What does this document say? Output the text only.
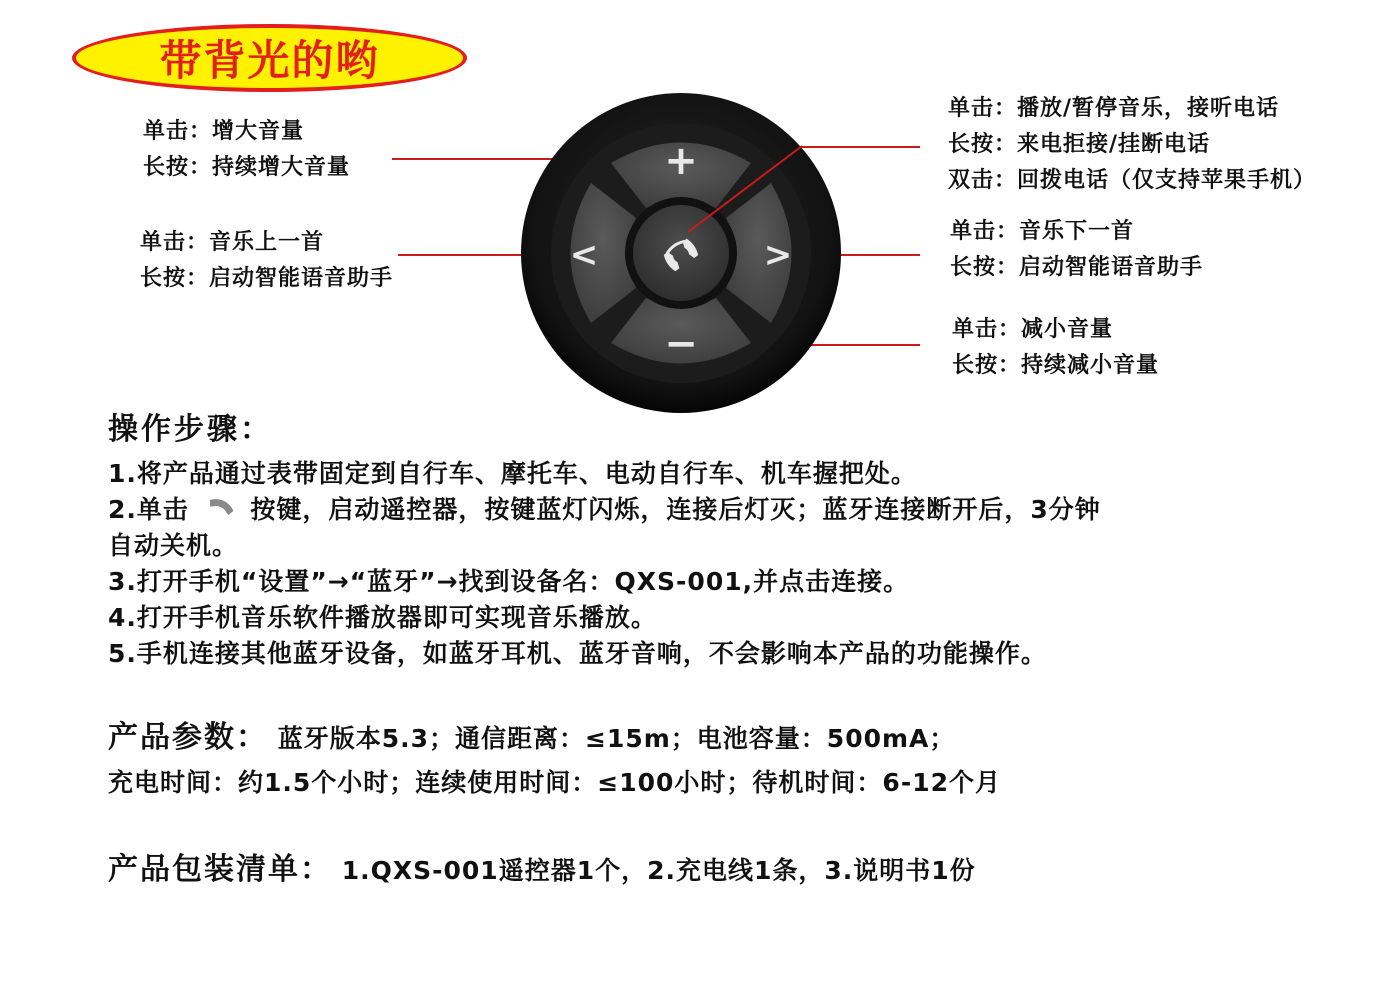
带背光的哟
单击：增大音量
长按：持续增大音量
单击：音乐上一首
长按：启动智能语音助手
单击：播放/暂停音乐，接听电话
长按：来电拒接/挂断电话
双击：回拨电话（仅支持苹果手机）
单击：音乐下一首
长按：启动智能语音助手
单击：减小音量
长按：持续减小音量
+
−
<	>
操作步骤：
1.将产品通过表带固定到自行车、摩托车、电动自行车、机车握把处。
2.单击 按键，启动遥控器，按键蓝灯闪烁，连接后灯灭；蓝牙连接断开后，3分钟
自动关机。
3.打开手机“设置”→“蓝牙”→找到设备名：QXS-001,并点击连接。
4.打开手机音乐软件播放器即可实现音乐播放。
5.手机连接其他蓝牙设备，如蓝牙耳机、蓝牙音响，不会影响本产品的功能操作。
产品参数： 蓝牙版本5.3；通信距离：≤15m；电池容量：500mA；
充电时间：约1.5个小时；连续使用时间：≤100小时；待机时间：6-12个月
产品包装清单： 1.QXS-001遥控器1个，2.充电线1条，3.说明书1份
